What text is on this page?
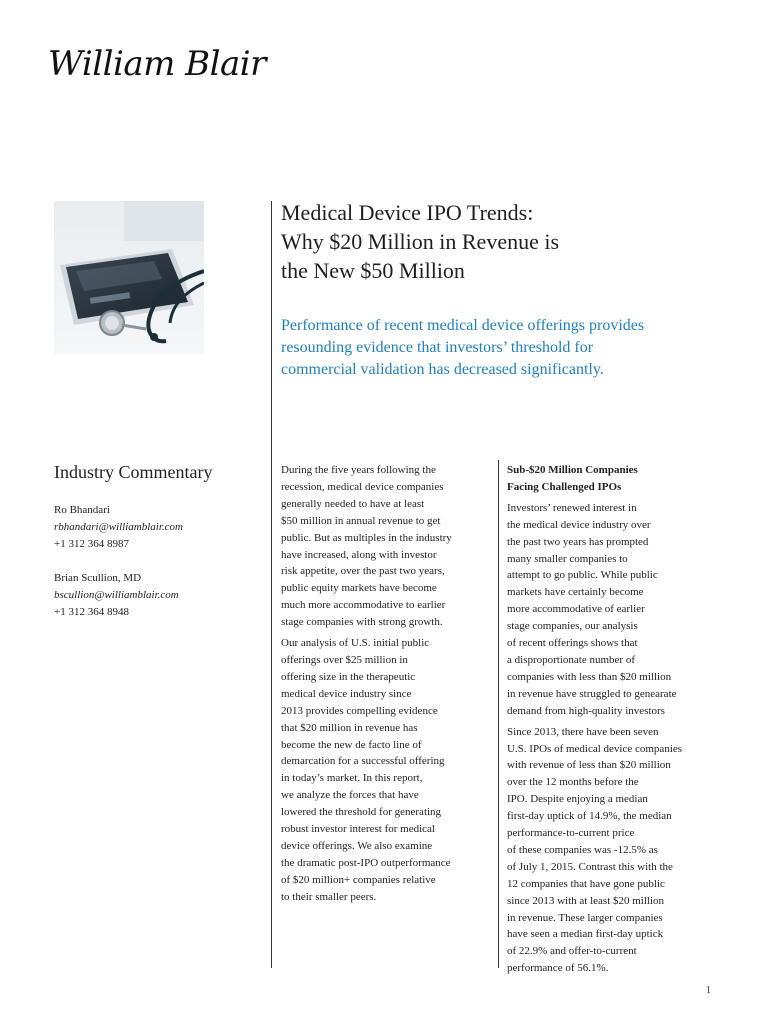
William Blair
Medical Device IPO Trends:
Why $20 Million in Revenue is
the New $50 Million
Performance of recent medical device offerings provides
resounding evidence that investors’ threshold for
commercial validation has decreased significantly.
Industry Commentary
Ro Bhandari
rbhandari@williamblair.com
+1 312 364 8987
Brian Scullion, MD
bscullion@williamblair.com
+1 312 364 8948
During the five years following the
recession, medical device companies
generally needed to have at least
$50 million in annual revenue to get
public. But as multiples in the industry
have increased, along with investor
risk appetite, over the past two years,
public equity markets have become
much more accommodative to earlier
stage companies with strong growth.
Our analysis of U.S. initial public
offerings over $25 million in
offering size in the therapeutic
medical device industry since
2013 provides compelling evidence
that $20 million in revenue has
become the new de facto line of
demarcation for a successful offering
in today’s market. In this report,
we analyze the forces that have
lowered the threshold for generating
robust investor interest for medical
device offerings. We also examine
the dramatic post-IPO outperformance
of $20 million+ companies relative
to their smaller peers.
Sub-$20 Million Companies
Facing Challenged IPOs
Investors’ renewed interest in
the medical device industry over
the past two years has prompted
many smaller companies to
attempt to go public. While public
markets have certainly become
more accommodative of earlier
stage companies, our analysis
of recent offerings shows that
a disproportionate number of
companies with less than $20 million
in revenue have struggled to genearate
demand from high-quality investors
Since 2013, there have been seven
U.S. IPOs of medical device companies
with revenue of less than $20 million
over the 12 months before the
IPO. Despite enjoying a median
first-day uptick of 14.9%, the median
performance-to-current price
of these companies was -12.5% as
of July 1, 2015. Contrast this with the
12 companies that have gone public
since 2013 with at least $20 million
in revenue. These larger companies
have seen a median first-day uptick
of 22.9% and offer-to-current
performance of 56.1%.
1
